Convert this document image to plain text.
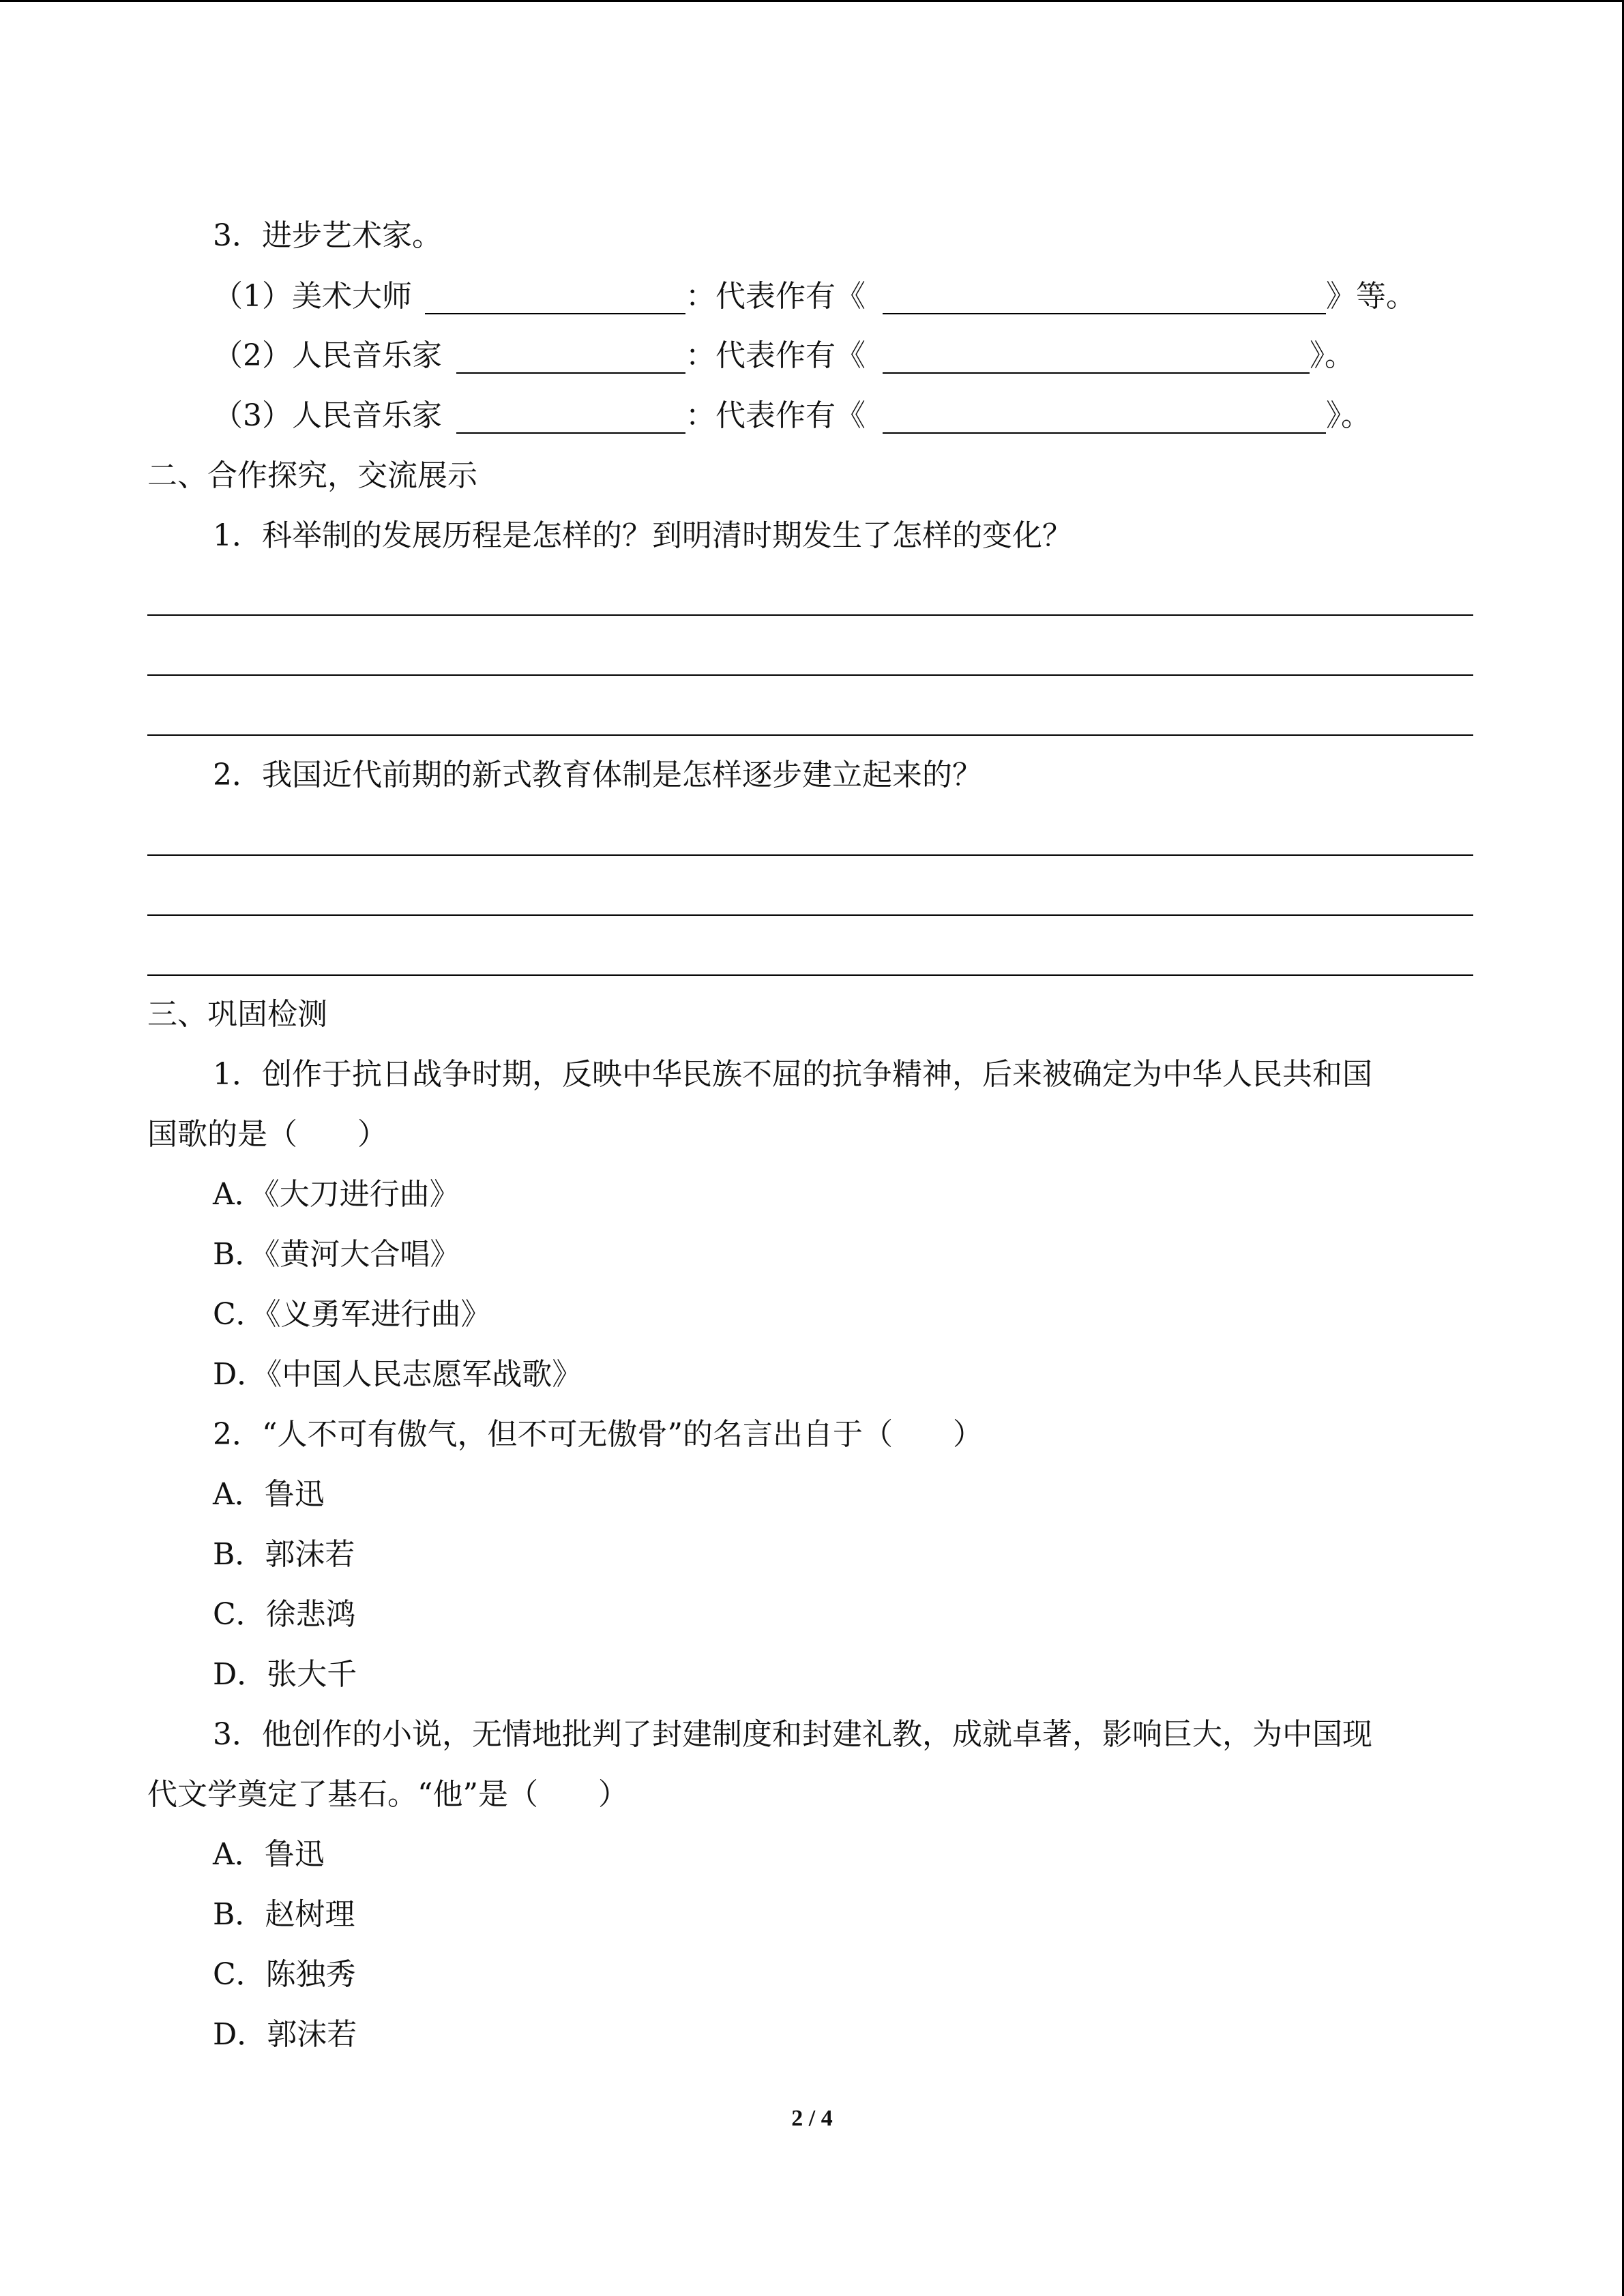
3．进步艺术家。
（1）美术大师	：代表作有《	》等。
（2）人民音乐家	：代表作有《	》。
（3）人民音乐家	：代表作有《	》。
二、合作探究，交流展示
1．科举制的发展历程是怎样的？到明清时期发生了怎样的变化？
2．我国近代前期的新式教育体制是怎样逐步建立起来的？
三、巩固检测
1．创作于抗日战争时期，反映中华民族不屈的抗争精神，后来被确定为中华人民共和国
国歌的是（　　）
A．《大刀进行曲》
B．《黄河大合唱》
C．《义勇军进行曲》
D．《中国人民志愿军战歌》
2．“人不可有傲气，但不可无傲骨”的名言出自于（　　）
A．鲁迅
B．郭沫若
C．徐悲鸿
D．张大千
3．他创作的小说，无情地批判了封建制度和封建礼教，成就卓著，影响巨大，为中国现
代文学奠定了基石。“他”是（　　）
A．鲁迅
B．赵树理
C．陈独秀
D．郭沫若
2 / 4
